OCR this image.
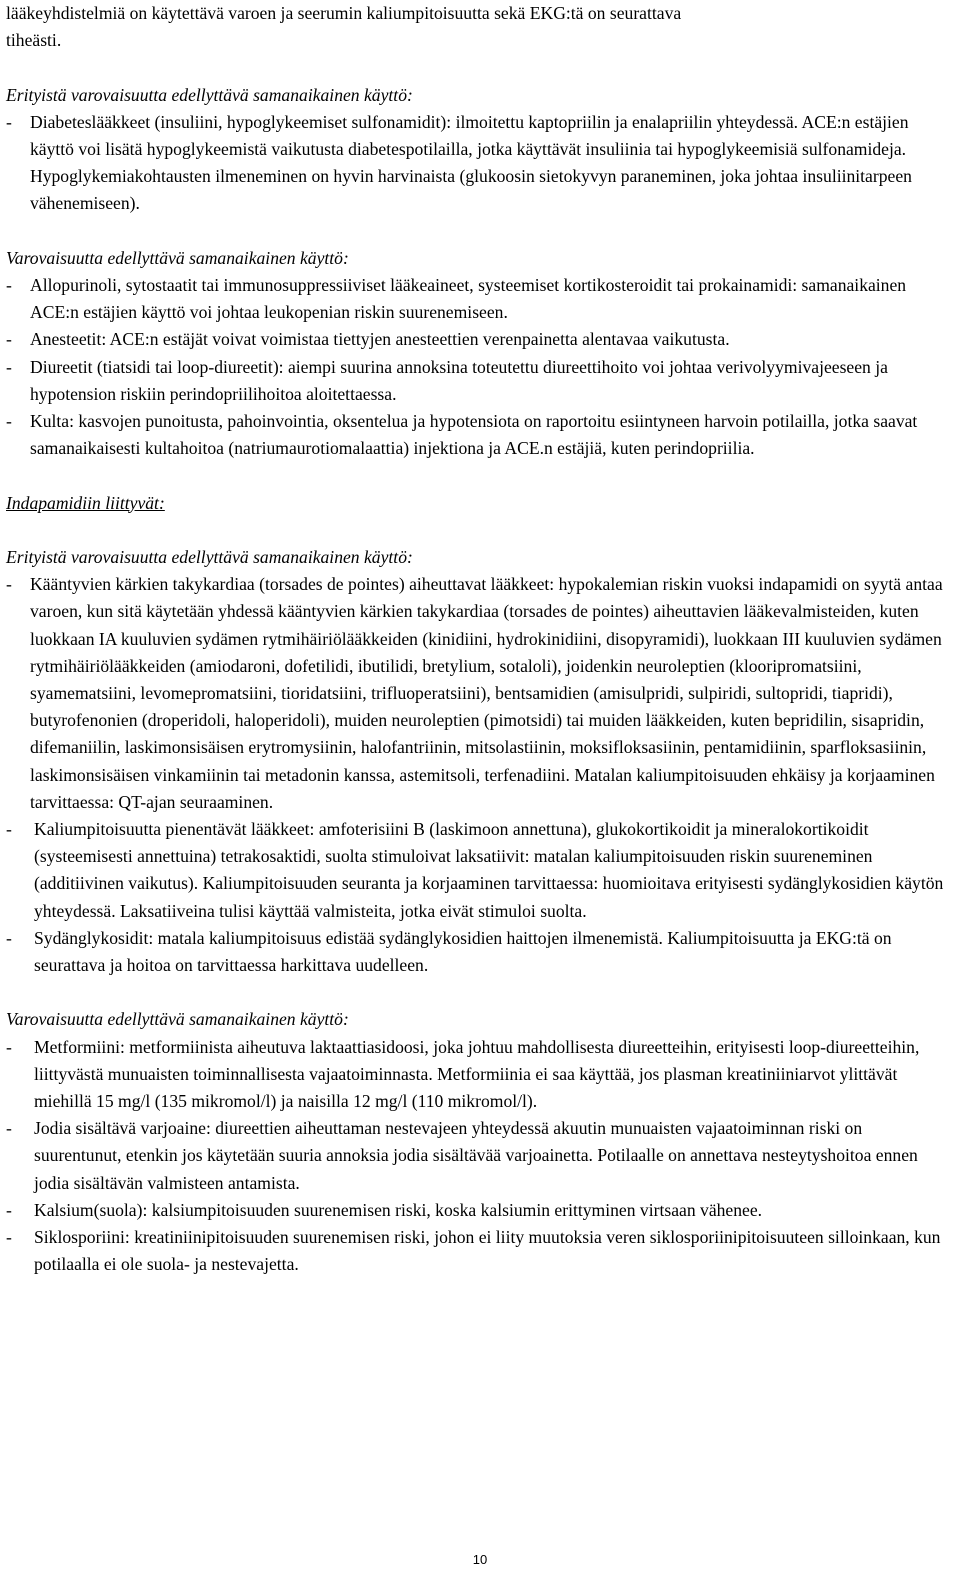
lääkeyhdistelmiä on käytettävä varoen ja seerumin kaliumpitoisuutta sekä EKG:tä on seurattava

tiheästi.

Erityistä varovaisuutta edellyttävä samanaikainen käyttö:

-	Diabeteslääkkeet (insuliini, hypoglykeemiset sulfonamidit): ilmoitettu kaptopriilin ja enalapriilin yhteydessä. ACE:n estäjien käyttö voi lisätä hypoglykeemistä vaikutusta diabetespotilailla, jotka käyttävät insuliinia tai hypoglykeemisiä sulfonamideja. Hypoglykemiakohtausten ilmeneminen on hyvin harvinaista (glukoosin sietokyvyn paraneminen, joka johtaa insuliinitarpeen vähenemiseen).

Varovaisuutta edellyttävä samanaikainen käyttö:

-	Allopurinoli, sytostaatit tai immunosuppressiiviset lääkeaineet, systeemiset kortikosteroidit tai prokainamidi: samanaikainen ACE:n estäjien käyttö voi johtaa leukopenian riskin suurenemiseen.
-	Anesteetit: ACE:n estäjät voivat voimistaa tiettyjen anesteettien verenpainetta alentavaa vaikutusta.
-	Diureetit (tiatsidi tai loop-diureetit): aiempi suurina annoksina toteutettu diureettihoito voi johtaa verivolyymivajeeseen ja hypotension riskiin perindopriilihoitoa aloitettaessa.
-	Kulta: kasvojen punoitusta, pahoinvointia, oksentelua ja hypotensiota on raportoitu esiintyneen harvoin potilailla, jotka saavat samanaikaisesti kultahoitoa (natriumaurotiomalaattia) injektiona ja ACE.n estäjiä, kuten perindopriilia.

Indapamidiin liittyvät:

Erityistä varovaisuutta edellyttävä samanaikainen käyttö:

-	Kääntyvien kärkien takykardiaa (torsades de pointes) aiheuttavat lääkkeet: hypokalemian riskin vuoksi indapamidi on syytä antaa varoen, kun sitä käytetään yhdessä kääntyvien kärkien takykardiaa (torsades de pointes) aiheuttavien lääkevalmisteiden, kuten luokkaan IA kuuluvien sydämen rytmihäiriölääkkeiden (kinidiini, hydrokinidiini, disopyramidi), luokkaan III kuuluvien sydämen rytmihäiriölääkkeiden (amiodaroni, dofetilidi, ibutilidi, bretylium, sotaloli), joidenkin neuroleptien (klooripromatsiini, syamematsiini, levomepromatsiini, tioridatsiini, trifluoperatsiini), bentsamidien (amisulpridi, sulpiridi, sultopridi, tiapridi), butyrofenonien (droperidoli, haloperidoli), muiden neuroleptien (pimotsidi) tai muiden lääkkeiden, kuten bepridilin, sisapridin, difemaniilin, laskimonsisäisen erytromysiinin, halofantriinin, mitsolastiinin, moksifloksasiinin, pentamidiinin, sparfloksasiinin, laskimonsisäisen vinkamiinin tai metadonin kanssa, astemitsoli, terfenadiini. Matalan kaliumpitoisuuden ehkäisy ja korjaaminen tarvittaessa: QT-ajan seuraaminen.
-	Kaliumpitoisuutta pienentävät lääkkeet: amfoterisiini B (laskimoon annettuna), glukokortikoidit ja mineralokortikoidit (systeemisesti annettuina) tetrakosaktidi, suolta stimuloivat laksatiivit: matalan kaliumpitoisuuden riskin suureneminen (additiivinen vaikutus). Kaliumpitoisuuden seuranta ja korjaaminen tarvittaessa: huomioitava erityisesti sydänglykosidien käytön yhteydessä. Laksatiiveina tulisi käyttää valmisteita, jotka eivät stimuloi suolta.
-	Sydänglykosidit: matala kaliumpitoisuus edistää sydänglykosidien haittojen ilmenemistä. Kaliumpitoisuutta ja EKG:tä on seurattava ja hoitoa on tarvittaessa harkittava uudelleen.

Varovaisuutta edellyttävä samanaikainen käyttö:

-	Metformiini: metformiinista aiheutuva laktaattiasidoosi, joka johtuu mahdollisesta diureetteihin, erityisesti loop-diureetteihin, liittyvästä munuaisten toiminnallisesta vajaatoiminnasta. Metformiinia ei saa käyttää, jos plasman kreatiniiniarvot ylittävät miehillä 15 mg/l (135 mikromol/l) ja naisilla 12 mg/l (110 mikromol/l).
-	Jodia sisältävä varjoaine: diureettien aiheuttaman nestevajeen yhteydessä akuutin munuaisten vajaatoiminnan riski on suurentunut, etenkin jos käytetään suuria annoksia jodia sisältävää varjoainetta. Potilaalle on annettava nesteytyshoitoa ennen jodia sisältävän valmisteen antamista.
-	Kalsium(suola): kalsiumpitoisuuden suurenemisen riski, koska kalsiumin erittyminen virtsaan vähenee.
-	Siklosporiini: kreatiniinipitoisuuden suurenemisen riski, johon ei liity muutoksia veren siklosporiinipitoisuuteen silloinkaan, kun potilaalla ei ole suola- ja nestevajetta.
10
